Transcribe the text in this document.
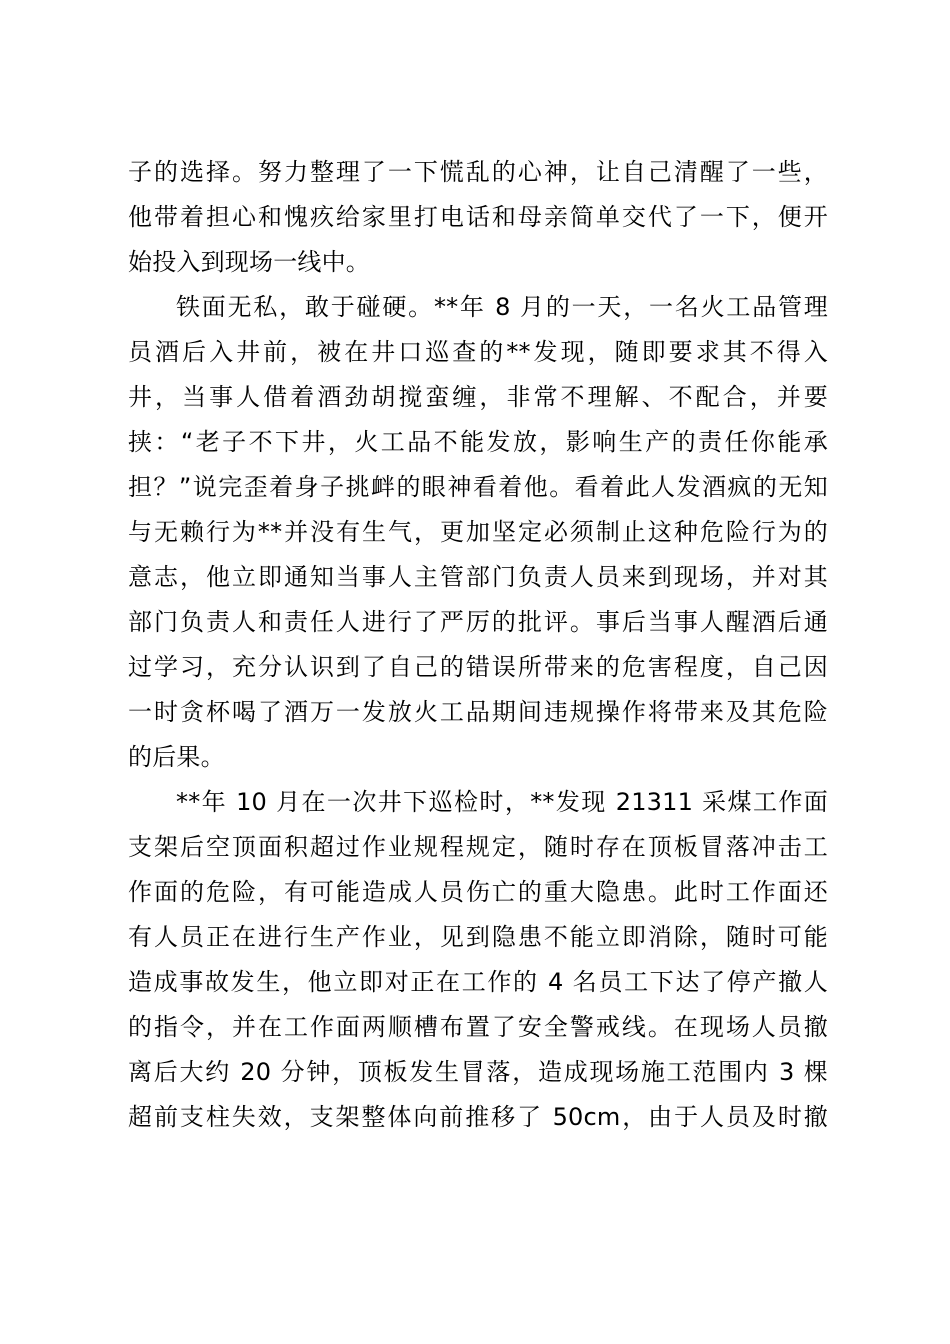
子的选择。努力整理了一下慌乱的心神，让自己清醒了一些，
他带着担心和愧疚给家里打电话和母亲简单交代了一下，便开
始投入到现场一线中。
铁面无私，敢于碰硬。**年 8 月的一天，一名火工品管理
员酒后入井前，被在井口巡查的**发现，随即要求其不得入
井，当事人借着酒劲胡搅蛮缠，非常不理解、不配合，并要
挟：“老子不下井，火工品不能发放，影响生产的责任你能承
担？”说完歪着身子挑衅的眼神看着他。看着此人发酒疯的无知
与无赖行为**并没有生气，更加坚定必须制止这种危险行为的
意志，他立即通知当事人主管部门负责人员来到现场，并对其
部门负责人和责任人进行了严厉的批评。事后当事人醒酒后通
过学习，充分认识到了自己的错误所带来的危害程度，自己因
一时贪杯喝了酒万一发放火工品期间违规操作将带来及其危险
的后果。
**年 10 月在一次井下巡检时，**发现 21311 采煤工作面
支架后空顶面积超过作业规程规定，随时存在顶板冒落冲击工
作面的危险，有可能造成人员伤亡的重大隐患。此时工作面还
有人员正在进行生产作业，见到隐患不能立即消除，随时可能
造成事故发生，他立即对正在工作的 4 名员工下达了停产撤人
的指令，并在工作面两顺槽布置了安全警戒线。在现场人员撤
离后大约 20 分钟，顶板发生冒落，造成现场施工范围内 3 棵
超前支柱失效，支架整体向前推移了 50cm，由于人员及时撤
